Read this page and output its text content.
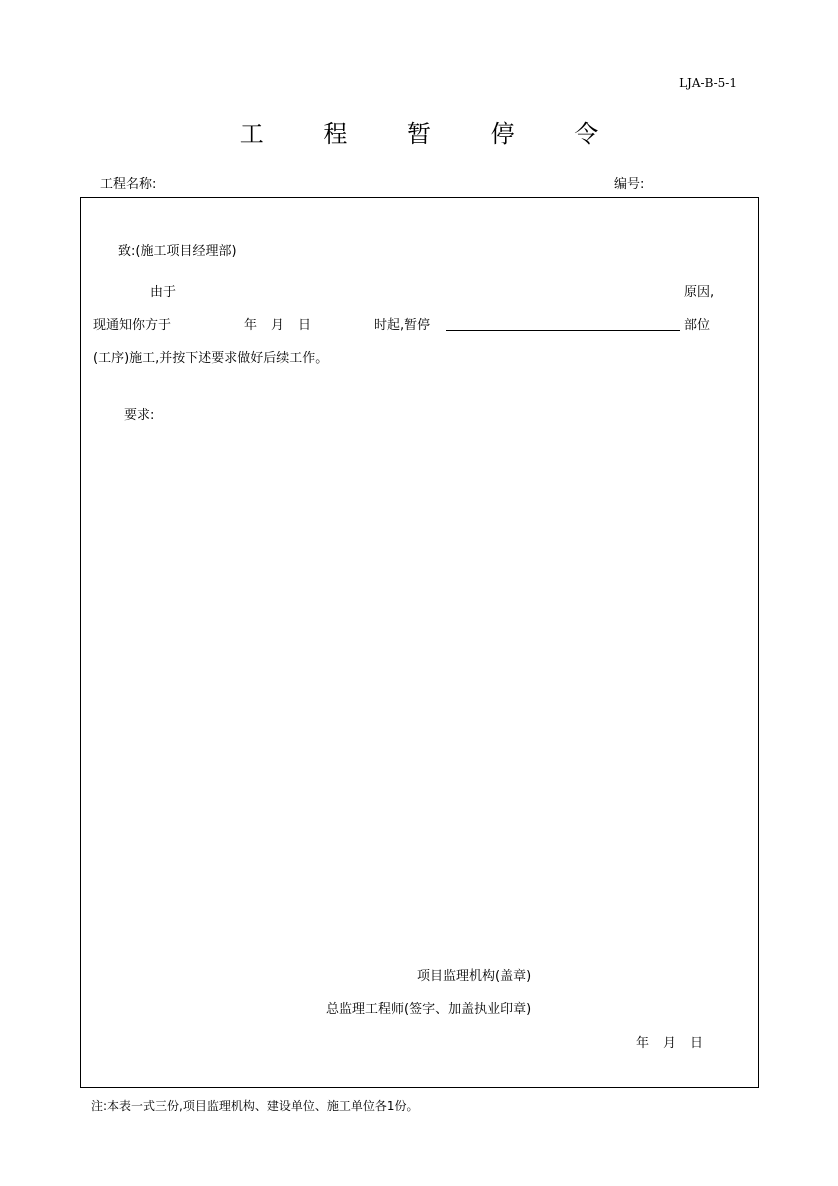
LJA-B-5-1
工 程 暂 停 令
工程名称:	编号:
致:(施工项目经理部)
由于	原因,
现通知你方于	年 月 日	时起,暂停	部位
(工序)施工,并按下述要求做好后续工作。
要求:
项目监理机构(盖章)
总监理工程师(签字、加盖执业印章)
年 月 日
注:本表一式三份,项目监理机构、建设单位、施工单位各1份。
